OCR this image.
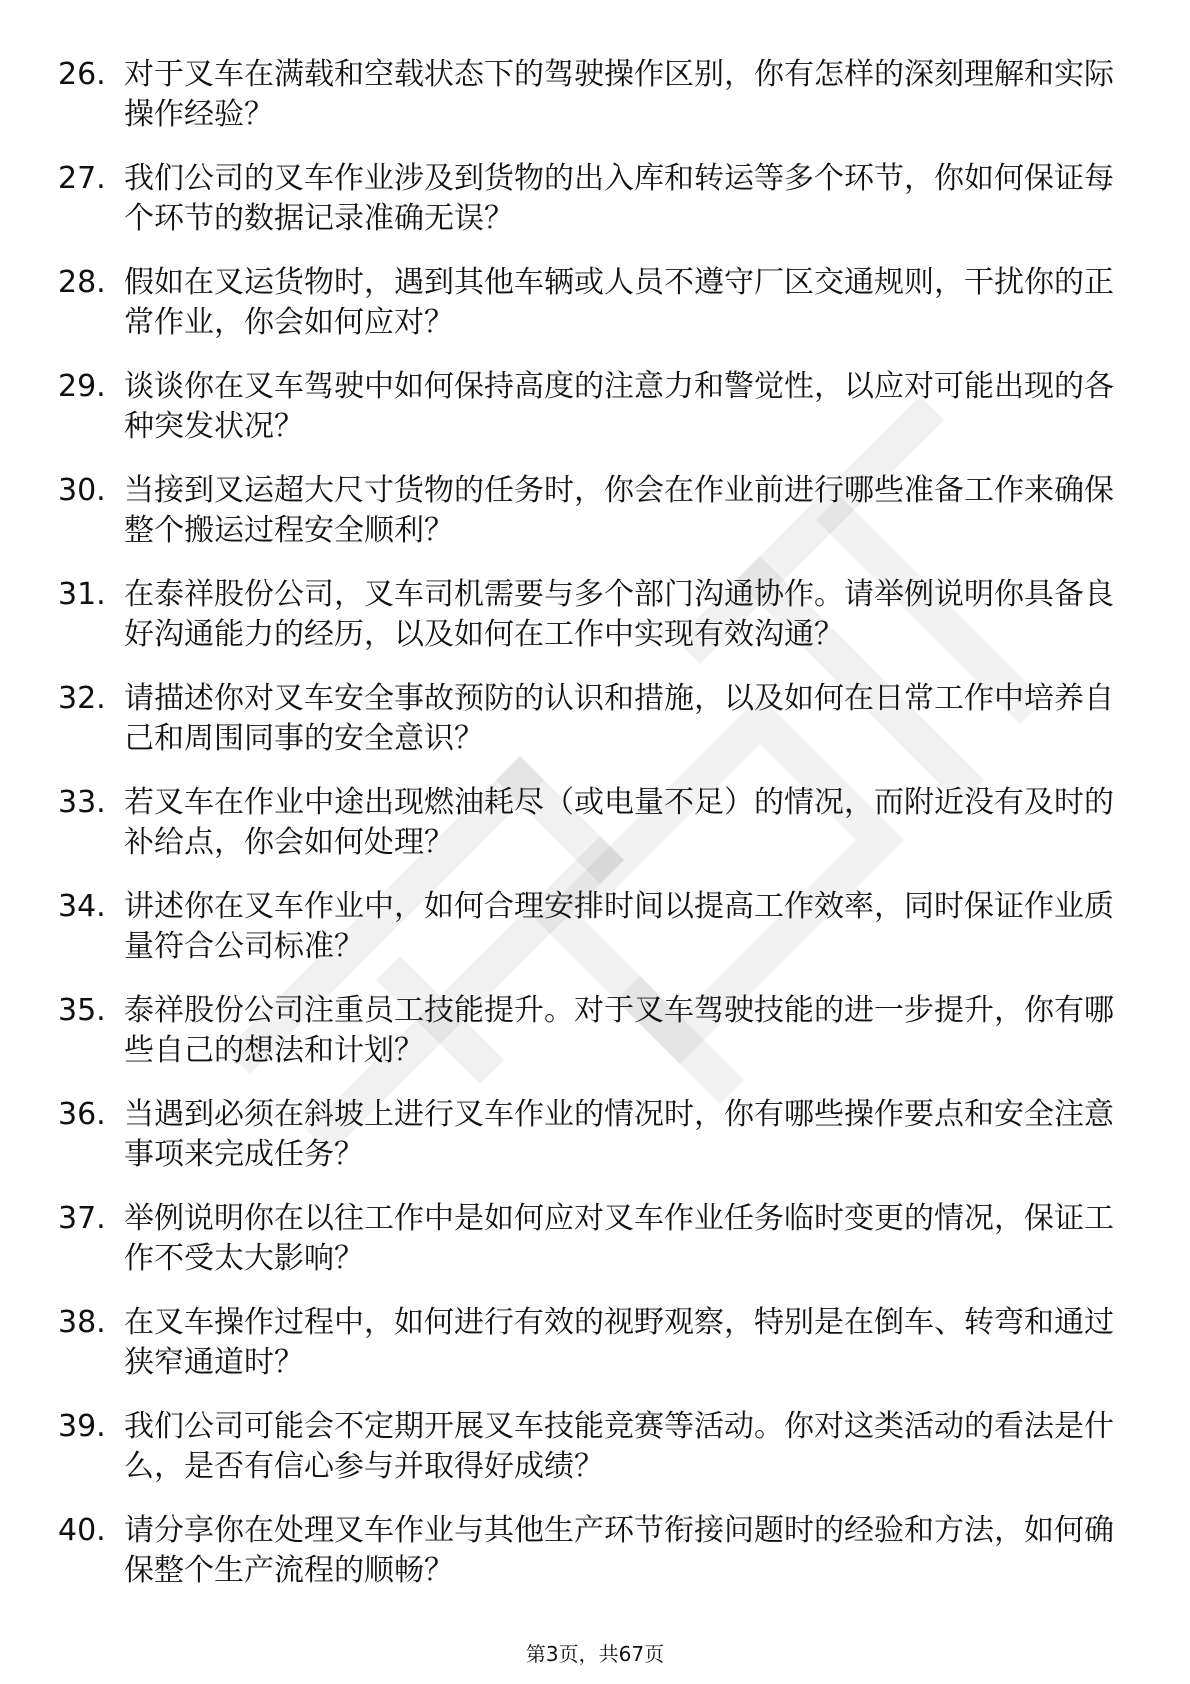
26. 对于叉车在满载和空载状态下的驾驶操作区别，你有怎样的深刻理解和实际操作经验？
27. 我们公司的叉车作业涉及到货物的出入库和转运等多个环节，你如何保证每个环节的数据记录准确无误？
28. 假如在叉运货物时，遇到其他车辆或人员不遵守厂区交通规则，干扰你的正常作业，你会如何应对？
29. 谈谈你在叉车驾驶中如何保持高度的注意力和警觉性，以应对可能出现的各种突发状况？
30. 当接到叉运超大尺寸货物的任务时，你会在作业前进行哪些准备工作来确保整个搬运过程安全顺利？
31. 在泰祥股份公司，叉车司机需要与多个部门沟通协作。请举例说明你具备良好沟通能力的经历，以及如何在工作中实现有效沟通？
32. 请描述你对叉车安全事故预防的认识和措施，以及如何在日常工作中培养自己和周围同事的安全意识？
33. 若叉车在作业中途出现燃油耗尽（或电量不足）的情况，而附近没有及时的补给点，你会如何处理？
34. 讲述你在叉车作业中，如何合理安排时间以提高工作效率，同时保证作业质量符合公司标准？
35. 泰祥股份公司注重员工技能提升。对于叉车驾驶技能的进一步提升，你有哪些自己的想法和计划？
36. 当遇到必须在斜坡上进行叉车作业的情况时，你有哪些操作要点和安全注意事项来完成任务？
37. 举例说明你在以往工作中是如何应对叉车作业任务临时变更的情况，保证工作不受太大影响？
38. 在叉车操作过程中，如何进行有效的视野观察，特别是在倒车、转弯和通过狭窄通道时？
39. 我们公司可能会不定期开展叉车技能竞赛等活动。你对这类活动的看法是什么，是否有信心参与并取得好成绩？
40. 请分享你在处理叉车作业与其他生产环节衔接问题时的经验和方法，如何确保整个生产流程的顺畅？
第3页，共67页
